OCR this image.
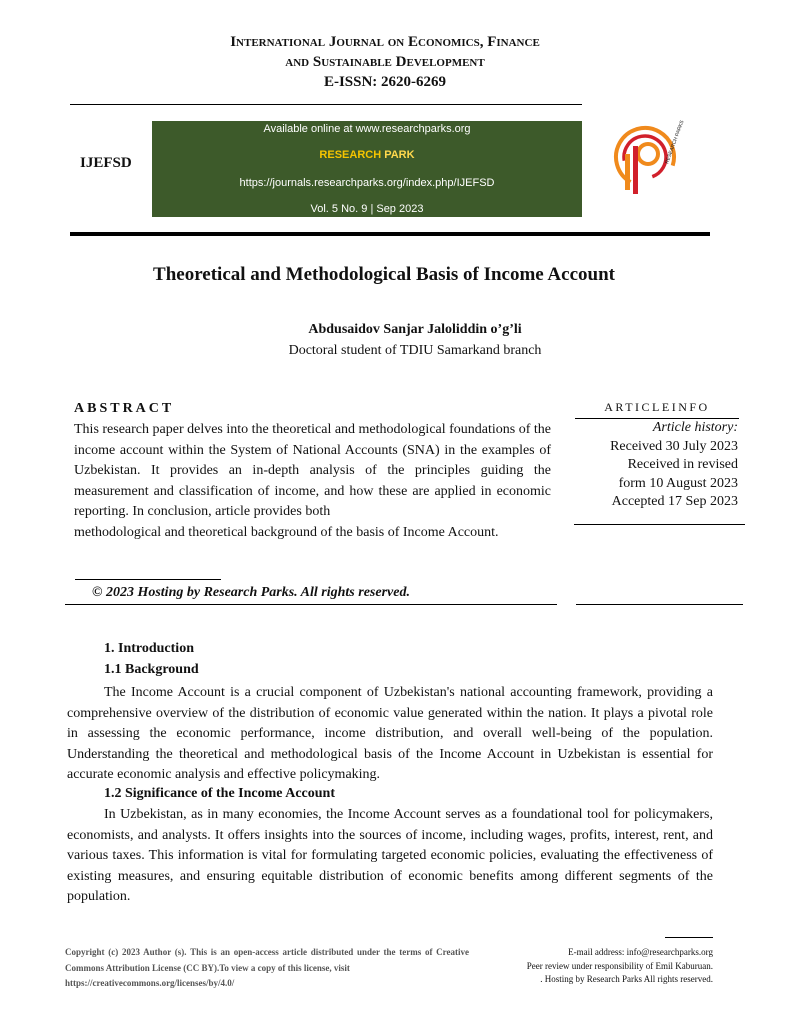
International Journal on Economics, Finance
and Sustainable Development
E-ISSN: 2620-6269
IJEFSD
Available online at www.researchparks.org
RESEARCH PARK
https://journals.researchparks.org/index.php/IJEFSD
Vol. 5 No. 9 | Sep 2023
RESEARCH PARKS
Theoretical and Methodological Basis of Income Account
Abdusaidov Sanjar Jaloliddin o’g’li
Doctoral student of TDIU Samarkand branch
ABSTRACT
This research paper delves into the theoretical and methodological foundations of the income account within the System of National Accounts (SNA) in the examples of Uzbekistan. It provides an in-depth analysis of the principles guiding the measurement and classification of income, and how these are applied in economic reporting. In conclusion, article provides both
methodological and theoretical background of the basis of Income Account.
ARTICLEINFO
Article history:
Received 30 July 2023
Received in revised
form 10 August 2023
Accepted 17 Sep 2023
© 2023 Hosting by Research Parks. All rights reserved.
1. Introduction
1.1 Background
The Income Account is a crucial component of Uzbekistan's national accounting framework, providing a comprehensive overview of the distribution of economic value generated within the nation. It plays a pivotal role in assessing the economic performance, income distribution, and overall well-being of the population. Understanding the theoretical and methodological basis of the Income Account in Uzbekistan is essential for accurate economic analysis and effective policymaking.
1.2 Significance of the Income Account
In Uzbekistan, as in many economies, the Income Account serves as a foundational tool for policymakers, economists, and analysts. It offers insights into the sources of income, including wages, profits, interest, rent, and various taxes. This information is vital for formulating targeted economic policies, evaluating the effectiveness of existing measures, and ensuring equitable distribution of economic benefits among different segments of the population.
Copyright (c) 2023 Author (s). This is an open-access article distributed under the terms of Creative Commons Attribution License (CC BY).To view a copy of this license, visit
https://creativecommons.org/licenses/by/4.0/
E-mail address: info@researchparks.org
Peer review under responsibility of Emil Kaburuan.
. Hosting by Research Parks All rights reserved.
